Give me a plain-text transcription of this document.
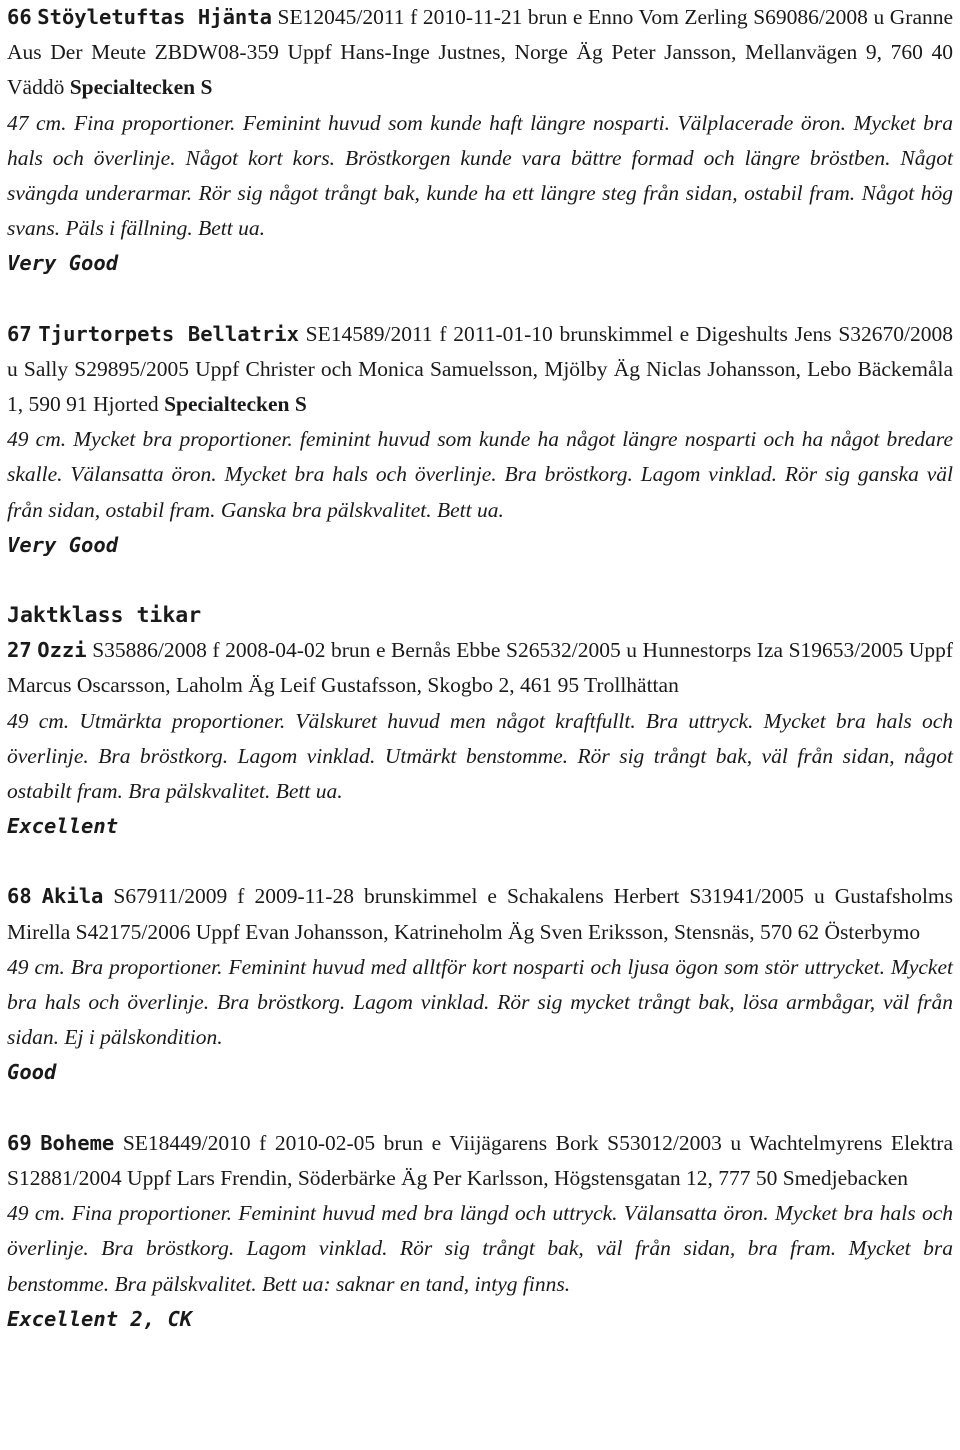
66 Stöyletuftas Hjänta SE12045/2011 f 2010-11-21 brun e Enno Vom Zerling S69086/2008 u Granne Aus Der Meute ZBDW08-359 Uppf Hans-Inge Justnes, Norge Äg Peter Jansson, Mellanvägen 9, 760 40 Väddö Specialtecken S
47 cm. Fina proportioner. Feminint huvud som kunde haft längre nosparti. Välplacerade öron. Mycket bra hals och överlinje. Något kort kors. Bröstkorgen kunde vara bättre formad och längre bröstben. Något svängda underarmar. Rör sig något trångt bak, kunde ha ett längre steg från sidan, ostabil fram. Något hög svans. Päls i fällning. Bett ua.
Very Good
67 Tjurtorpets Bellatrix SE14589/2011 f 2011-01-10 brunskimmel e Digeshults Jens S32670/2008 u Sally S29895/2005 Uppf Christer och Monica Samuelsson, Mjölby Äg Niclas Johansson, Lebo Bäckemåla 1, 590 91 Hjorted Specialtecken S
49 cm. Mycket bra proportioner. feminint huvud som kunde ha något längre nosparti och ha något bredare skalle. Välansatta öron. Mycket bra hals och överlinje. Bra bröstkorg. Lagom vinklad. Rör sig ganska väl från sidan, ostabil fram. Ganska bra pälskvalitet. Bett ua.
Very Good
Jaktklass tikar
27 Ozzi S35886/2008 f 2008-04-02 brun e Bernås Ebbe S26532/2005 u Hunnestorps Iza S19653/2005 Uppf Marcus Oscarsson, Laholm Äg Leif Gustafsson, Skogbo 2, 461 95 Trollhättan
49 cm. Utmärkta proportioner. Välskuret huvud men något kraftfullt. Bra uttryck. Mycket bra hals och överlinje. Bra bröstkorg. Lagom vinklad. Utmärkt benstomme. Rör sig trångt bak, väl från sidan, något ostabilt fram. Bra pälskvalitet. Bett ua.
Excellent
68 Akila S67911/2009 f 2009-11-28 brunskimmel e Schakalens Herbert S31941/2005 u Gustafsholms Mirella S42175/2006 Uppf Evan Johansson, Katrineholm Äg Sven Eriksson, Stensnäs, 570 62 Österbymo
49 cm. Bra proportioner. Feminint huvud med alltför kort nosparti och ljusa ögon som stör uttrycket. Mycket bra hals och överlinje. Bra bröstkorg. Lagom vinklad. Rör sig mycket trångt bak, lösa armbågar, väl från sidan. Ej i pälskondition.
Good
69 Boheme SE18449/2010 f 2010-02-05 brun e Viijägarens Bork S53012/2003 u Wachtelmyrens Elektra S12881/2004 Uppf Lars Frendin, Söderbärke Äg Per Karlsson, Högstensgatan 12, 777 50 Smedjebacken
49 cm. Fina proportioner. Feminint huvud med bra längd och uttryck. Välansatta öron. Mycket bra hals och överlinje. Bra bröstkorg. Lagom vinklad. Rör sig trångt bak, väl från sidan, bra fram. Mycket bra benstomme. Bra pälskvalitet. Bett ua: saknar en tand, intyg finns.
Excellent 2, CK
